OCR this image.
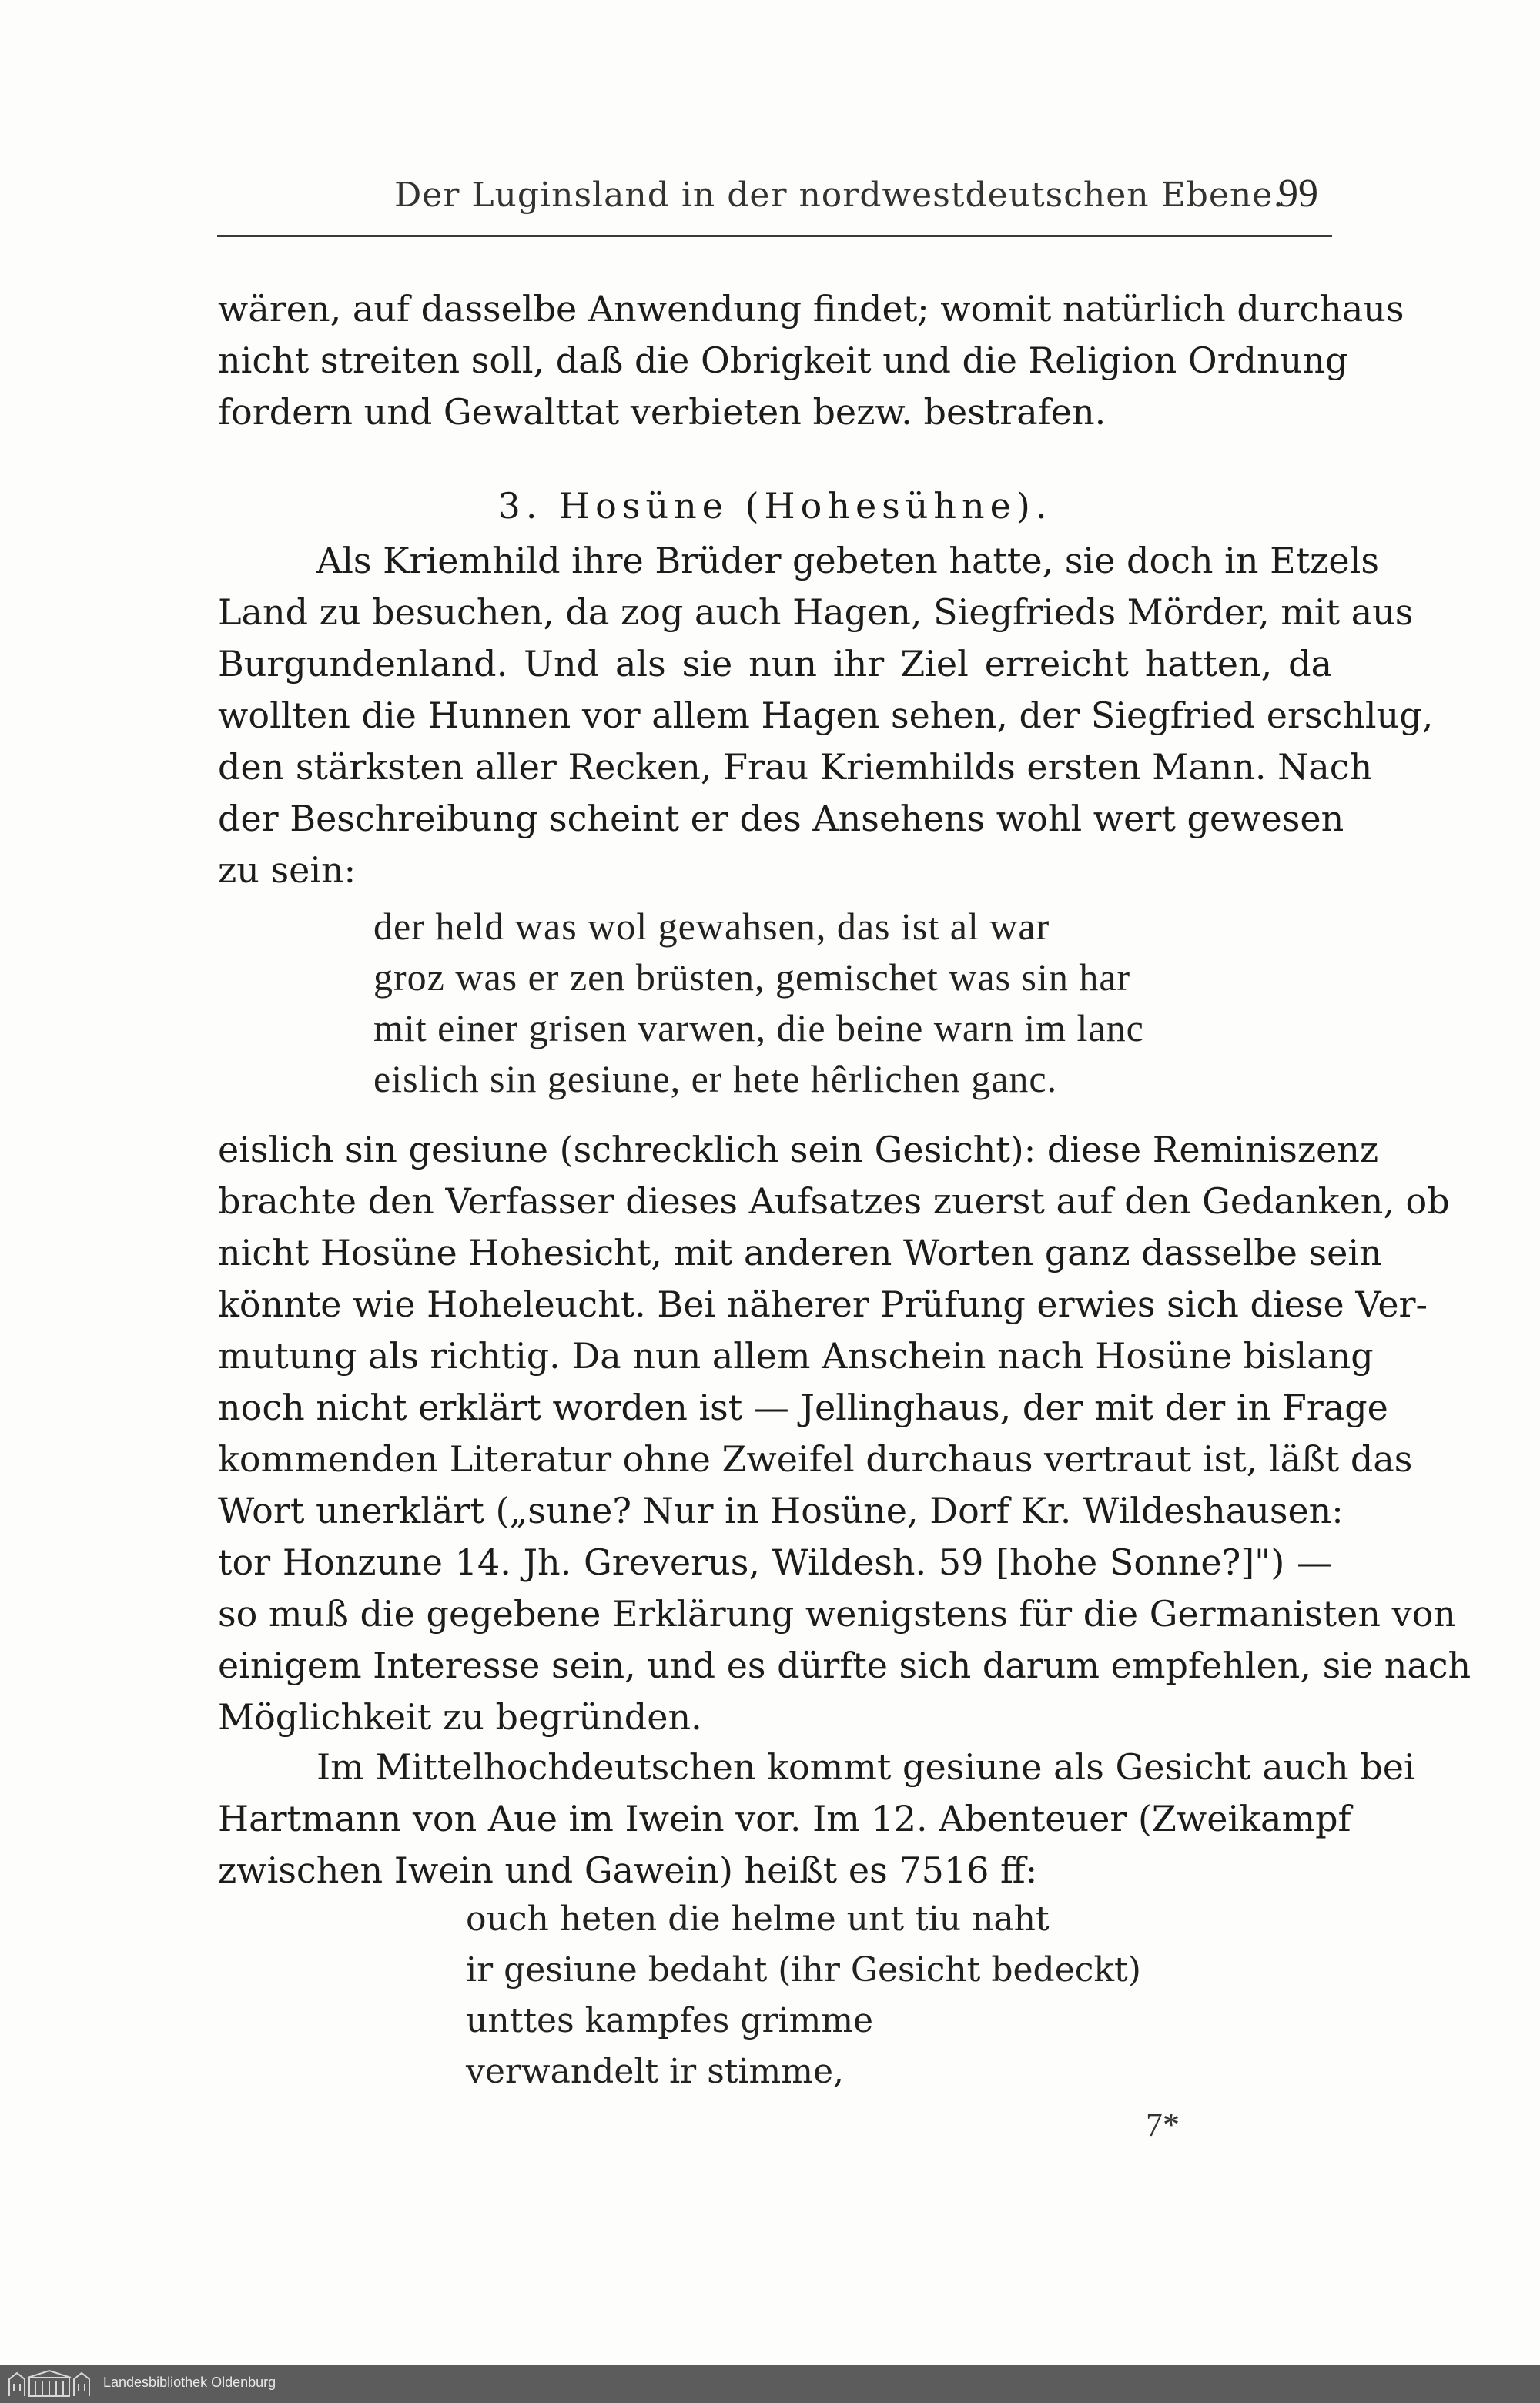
Der Luginsland in der nordwestdeutschen Ebene.
99
wären, auf dasselbe Anwendung findet; womit natürlich durchaus
nicht streiten soll, daß die Obrigkeit und die Religion Ordnung
fordern und Gewalttat verbieten bezw. bestrafen.
3. Hosüne (Hohesühne).
Als Kriemhild ihre Brüder gebeten hatte, sie doch in Etzels
Land zu besuchen, da zog auch Hagen, Siegfrieds Mörder, mit aus
Burgundenland. Und als sie nun ihr Ziel erreicht hatten, da
wollten die Hunnen vor allem Hagen sehen, der Siegfried erschlug,
den stärksten aller Recken, Frau Kriemhilds ersten Mann. Nach
der Beschreibung scheint er des Ansehens wohl wert gewesen
zu sein:
der held was wol gewahsen, das ist al war
groz was er zen brüsten, gemischet was sin har
mit einer grisen varwen, die beine warn im lanc
eislich sin gesiune, er hete hêrlichen ganc.
eislich sin gesiune (schrecklich sein Gesicht): diese Reminiszenz
brachte den Verfasser dieses Aufsatzes zuerst auf den Gedanken, ob
nicht Hosüne Hohesicht, mit anderen Worten ganz dasselbe sein
könnte wie Hoheleucht. Bei näherer Prüfung erwies sich diese Ver-
mutung als richtig. Da nun allem Anschein nach Hosüne bislang
noch nicht erklärt worden ist — Jellinghaus, der mit der in Frage
kommenden Literatur ohne Zweifel durchaus vertraut ist, läßt das
Wort unerklärt („sune? Nur in Hosüne, Dorf Kr. Wildeshausen:
tor Honzune 14. Jh. Greverus, Wildesh. 59 [hohe Sonne?]") —
so muß die gegebene Erklärung wenigstens für die Germanisten von
einigem Interesse sein, und es dürfte sich darum empfehlen, sie nach
Möglichkeit zu begründen.
Im Mittelhochdeutschen kommt gesiune als Gesicht auch bei
Hartmann von Aue im Iwein vor. Im 12. Abenteuer (Zweikampf
zwischen Iwein und Gawein) heißt es 7516 ff:
ouch heten die helme unt tiu naht
ir gesiune bedaht (ihr Gesicht bedeckt)
unttes kampfes grimme
verwandelt ir stimme,
7*
Landesbibliothek Oldenburg
